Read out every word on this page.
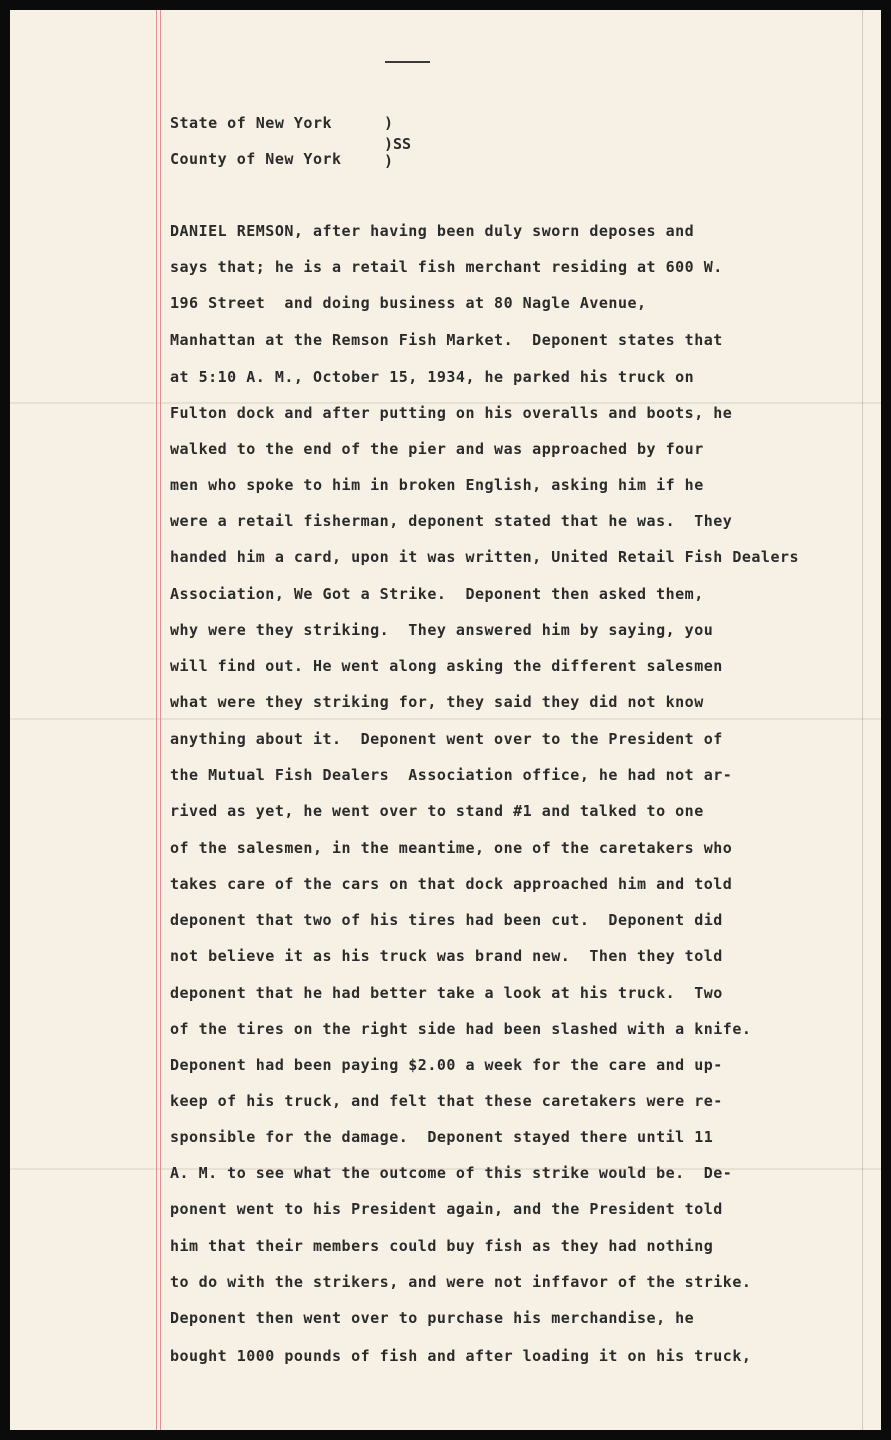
State of New York
County of New York
)
)SS
)
DANIEL REMSON, after having been duly sworn deposes and
says that; he is a retail fish merchant residing at 600 W.
196 Street  and doing business at 80 Nagle Avenue,
Manhattan at the Remson Fish Market.  Deponent states that
at 5:10 A. M., October 15, 1934, he parked his truck on
Fulton dock and after putting on his overalls and boots, he
walked to the end of the pier and was approached by four
men who spoke to him in broken English, asking him if he
were a retail fisherman, deponent stated that he was.  They
handed him a card, upon it was written, United Retail Fish Dealers
Association, We Got a Strike.  Deponent then asked them,
why were they striking.  They answered him by saying, you
will find out. He went along asking the different salesmen
what were they striking for, they said they did not know
anything about it.  Deponent went over to the President of
the Mutual Fish Dealers  Association office, he had not ar-
rived as yet, he went over to stand #1 and talked to one
of the salesmen, in the meantime, one of the caretakers who
takes care of the cars on that dock approached him and told
deponent that two of his tires had been cut.  Deponent did
not believe it as his truck was brand new.  Then they told
deponent that he had better take a look at his truck.  Two
of the tires on the right side had been slashed with a knife.
Deponent had been paying $2.00 a week for the care and up-
keep of his truck, and felt that these caretakers were re-
sponsible for the damage.  Deponent stayed there until 11
A. M. to see what the outcome of this strike would be.  De-
ponent went to his President again, and the President told
him that their members could buy fish as they had nothing
to do with the strikers, and were not inffavor of the strike.
Deponent then went over to purchase his merchandise, he
bought 1000 pounds of fish and after loading it on his truck,
